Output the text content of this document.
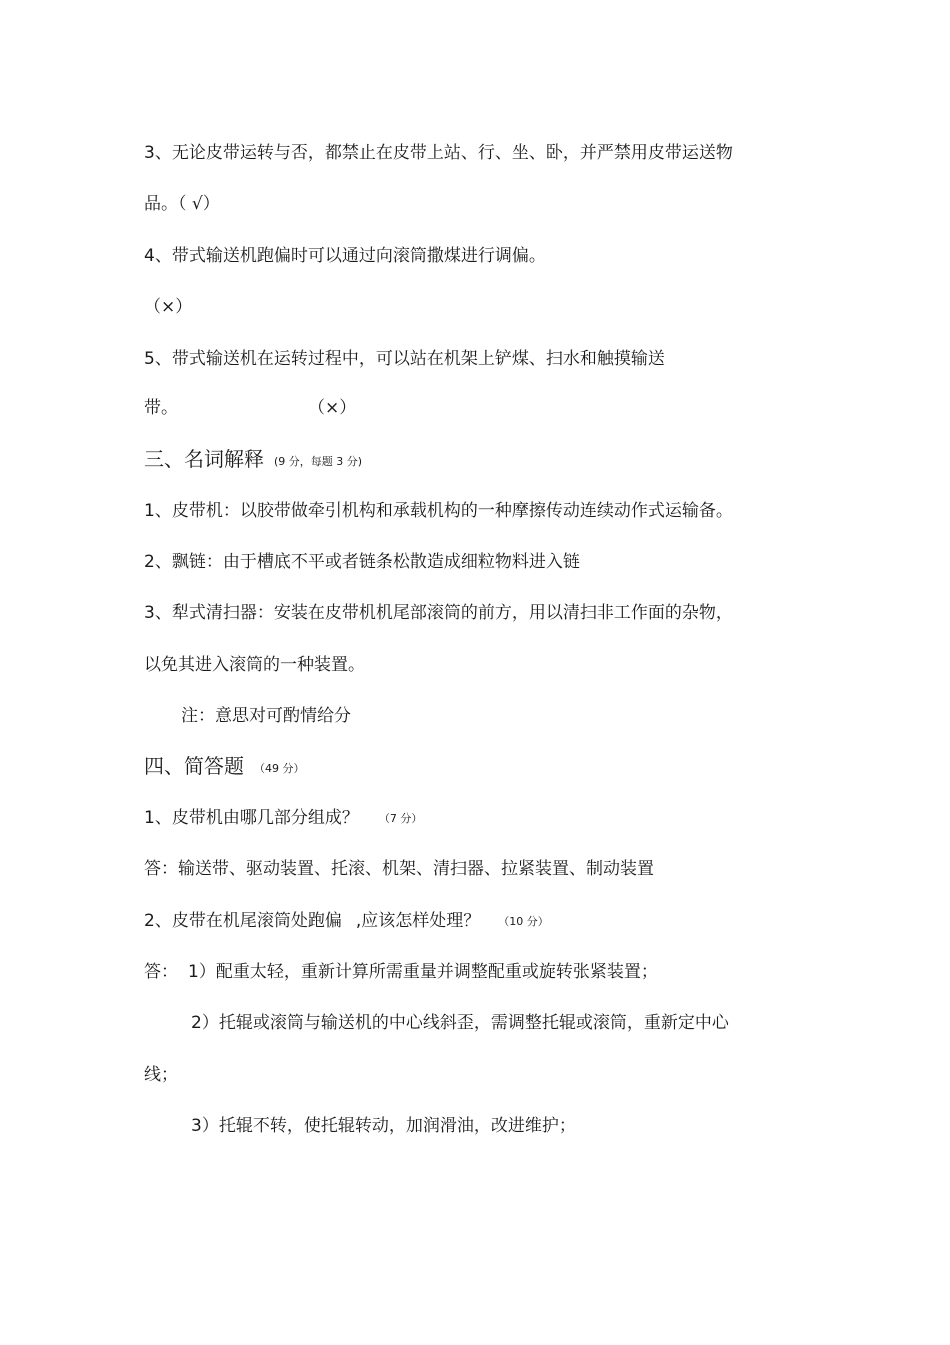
3、无论皮带运转与否，都禁止在皮带上站、行、坐、卧，并严禁用皮带运送物
品。（ √）
4、带式输送机跑偏时可以通过向滚筒撒煤进行调偏。
（×）
5、带式输送机在运转过程中，可以站在机架上铲煤、扫水和触摸输送
带。	（×）
三、名词解释 (9 分，每题 3 分)
1、皮带机：以胶带做牵引机构和承载机构的一种摩擦传动连续动作式运输备。
2、飘链：由于槽底不平或者链条松散造成细粒物料进入链
3、犁式清扫器：安装在皮带机机尾部滚筒的前方，用以清扫非工作面的杂物，
以免其进入滚筒的一种装置。
注：意思对可酌情给分
四、简答题 （49 分）
1、皮带机由哪几部分组成？ （7 分）
答：输送带、驱动装置、托滚、机架、清扫器、拉紧装置、制动装置
2、皮带在机尾滚筒处跑偏 ,应该怎样处理？ （10 分）
答： 1）配重太轻，重新计算所需重量并调整配重或旋转张紧装置；
2）托辊或滚筒与输送机的中心线斜歪，需调整托辊或滚筒，重新定中心
线；
3）托辊不转，使托辊转动，加润滑油，改进维护；
